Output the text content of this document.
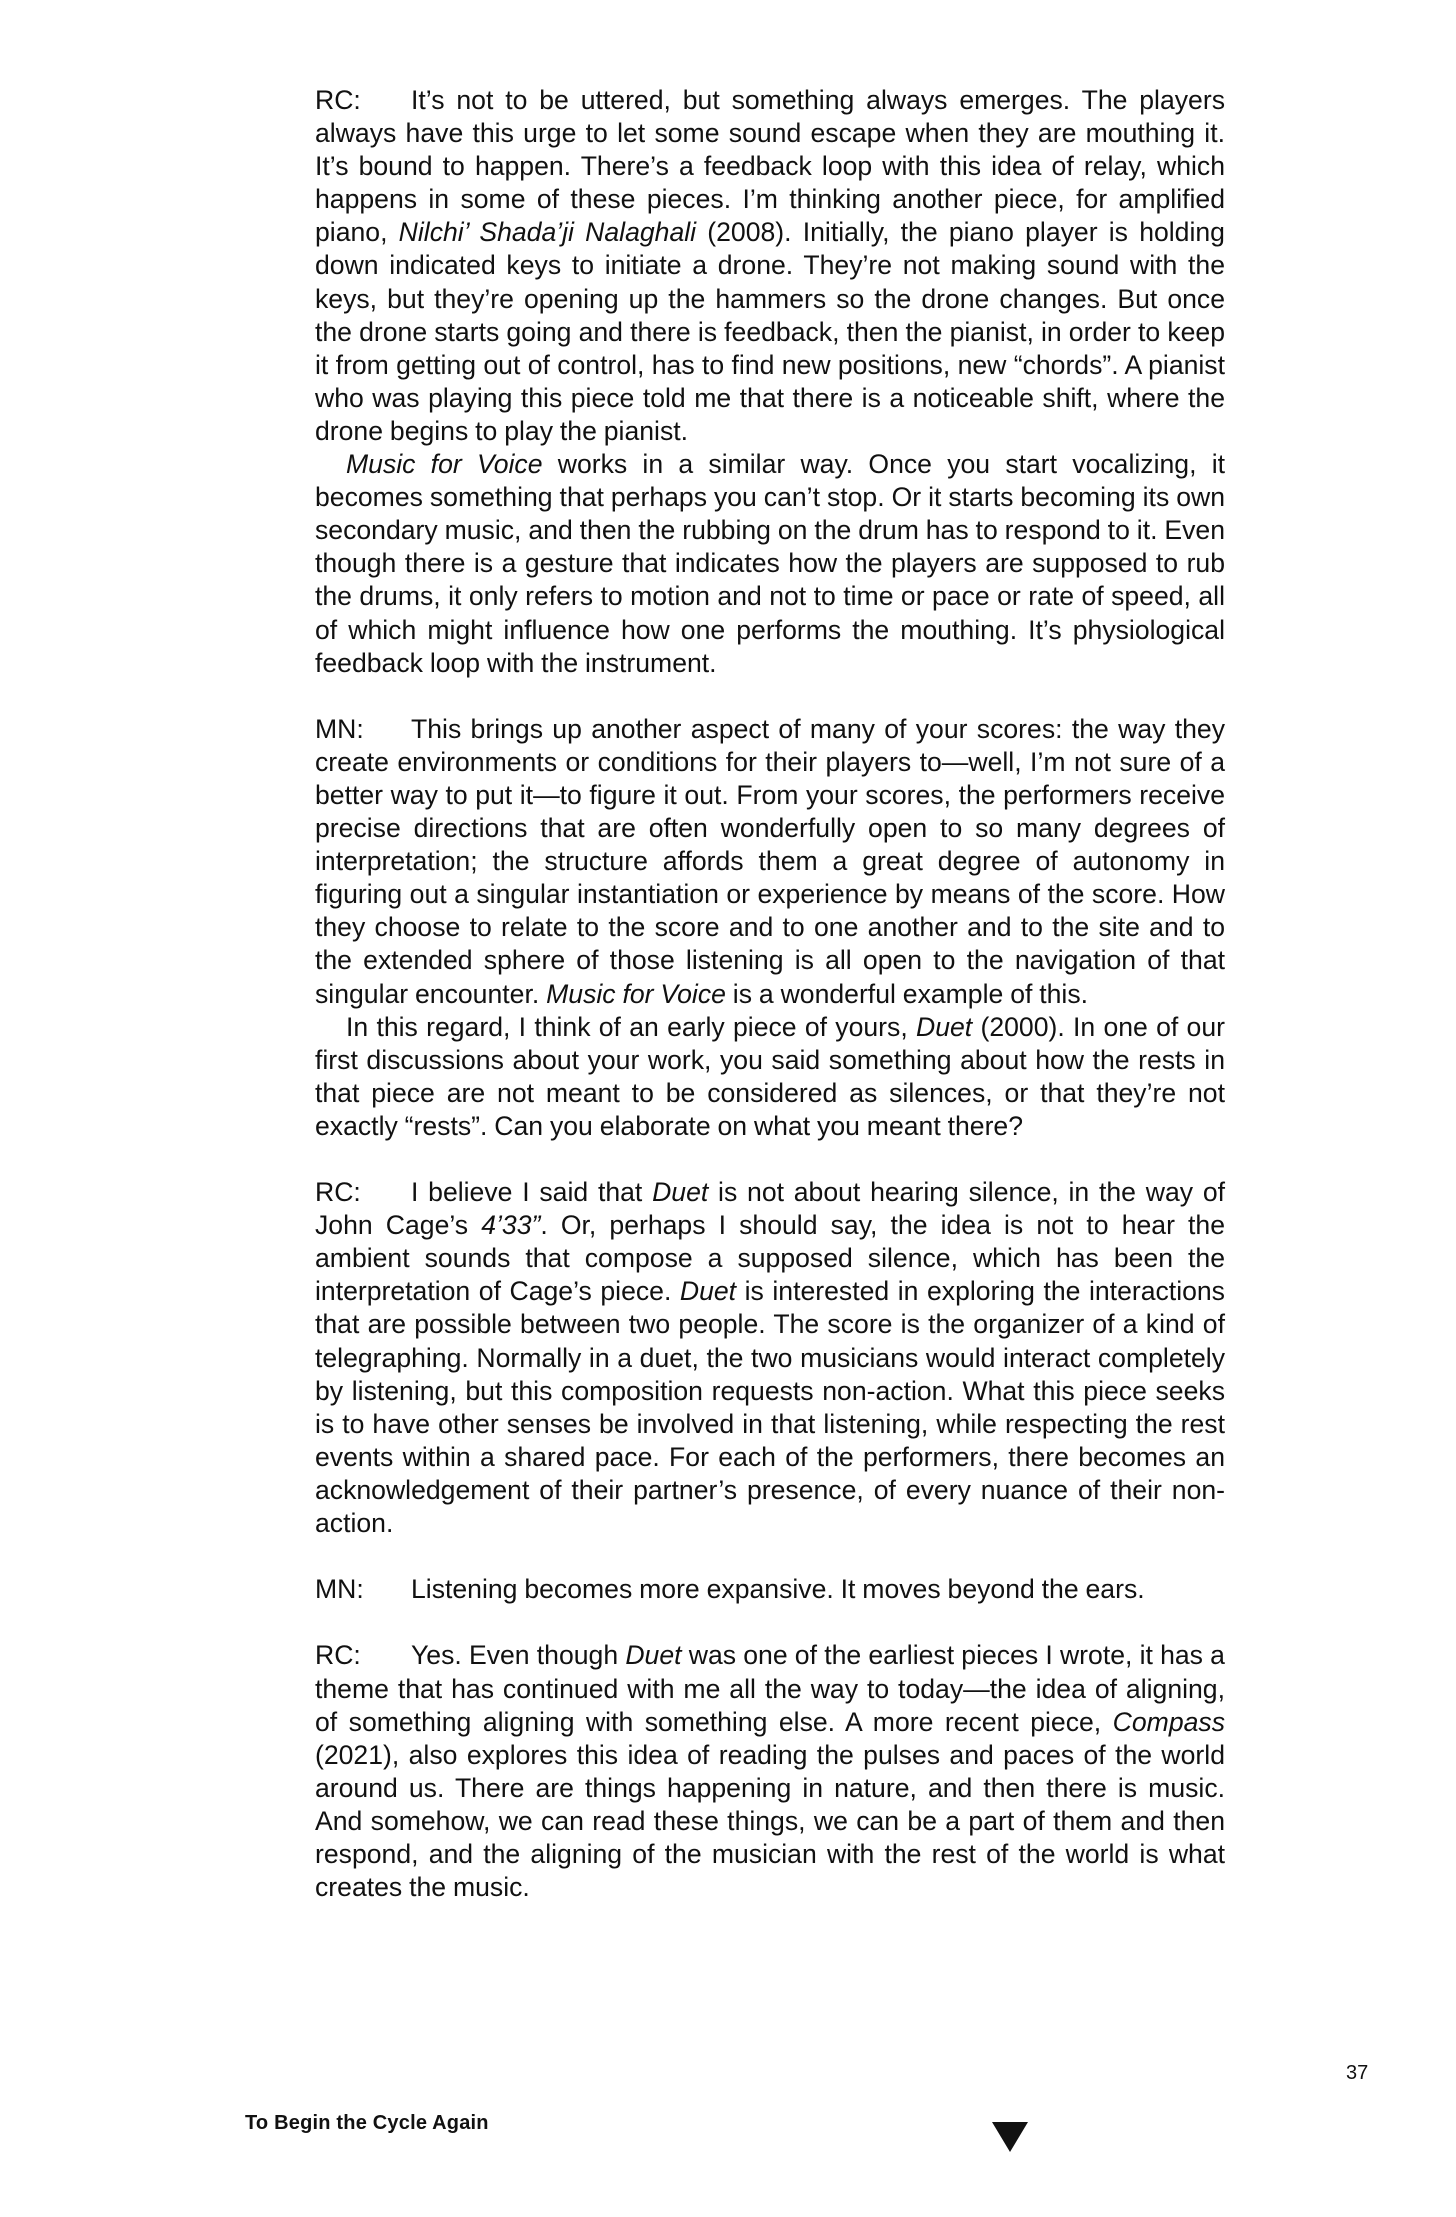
RC: It’s not to be uttered, but something always emerges. The players always have this urge to let some sound escape when they are mouthing it. It’s bound to happen. There’s a feedback loop with this idea of relay, which happens in some of these pieces. I’m thinking another piece, for amplified piano, Nilchi’ Shada’ji Nalaghali (2008). Initially, the piano player is holding down indicated keys to initiate a drone. They’re not making sound with the keys, but they’re opening up the hammers so the drone changes. But once the drone starts going and there is feedback, then the pianist, in order to keep it from getting out of control, has to find new positions, new “chords”. A pianist who was playing this piece told me that there is a noticeable shift, where the drone begins to play the pianist.

Music for Voice works in a similar way. Once you start vocalizing, it becomes something that perhaps you can’t stop. Or it starts becoming its own secondary music, and then the rubbing on the drum has to respond to it. Even though there is a gesture that indicates how the players are supposed to rub the drums, it only refers to motion and not to time or pace or rate of speed, all of which might influence how one performs the mouthing. It’s physiological feedback loop with the instrument.

MN: This brings up another aspect of many of your scores: the way they create environments or conditions for their players to—well, I’m not sure of a better way to put it—to figure it out. From your scores, the performers receive precise directions that are often wonderfully open to so many degrees of interpretation; the structure affords them a great degree of autonomy in figuring out a singular instantiation or experience by means of the score. How they choose to relate to the score and to one another and to the site and to the extended sphere of those listening is all open to the navigation of that singular encounter. Music for Voice is a wonderful example of this.

In this regard, I think of an early piece of yours, Duet (2000). In one of our first discussions about your work, you said something about how the rests in that piece are not meant to be considered as silences, or that they’re not exactly “rests”. Can you elaborate on what you meant there?

RC: I believe I said that Duet is not about hearing silence, in the way of John Cage’s 4’33”. Or, perhaps I should say, the idea is not to hear the ambient sounds that compose a supposed silence, which has been the interpretation of Cage’s piece. Duet is interested in exploring the interactions that are possible between two people. The score is the organizer of a kind of telegraphing. Normally in a duet, the two musicians would interact completely by listening, but this composition requests non-action. What this piece seeks is to have other senses be involved in that listening, while respecting the rest events within a shared pace. For each of the performers, there becomes an acknowledgement of their partner’s presence, of every nuance of their non-action.

MN: Listening becomes more expansive. It moves beyond the ears.

RC: Yes. Even though Duet was one of the earliest pieces I wrote, it has a theme that has continued with me all the way to today—the idea of aligning, of something aligning with something else. A more recent piece, Compass (2021), also explores this idea of reading the pulses and paces of the world around us. There are things happening in nature, and then there is music. And somehow, we can read these things, we can be a part of them and then respond, and the aligning of the musician with the rest of the world is what creates the music.

37
To Begin the Cycle Again
